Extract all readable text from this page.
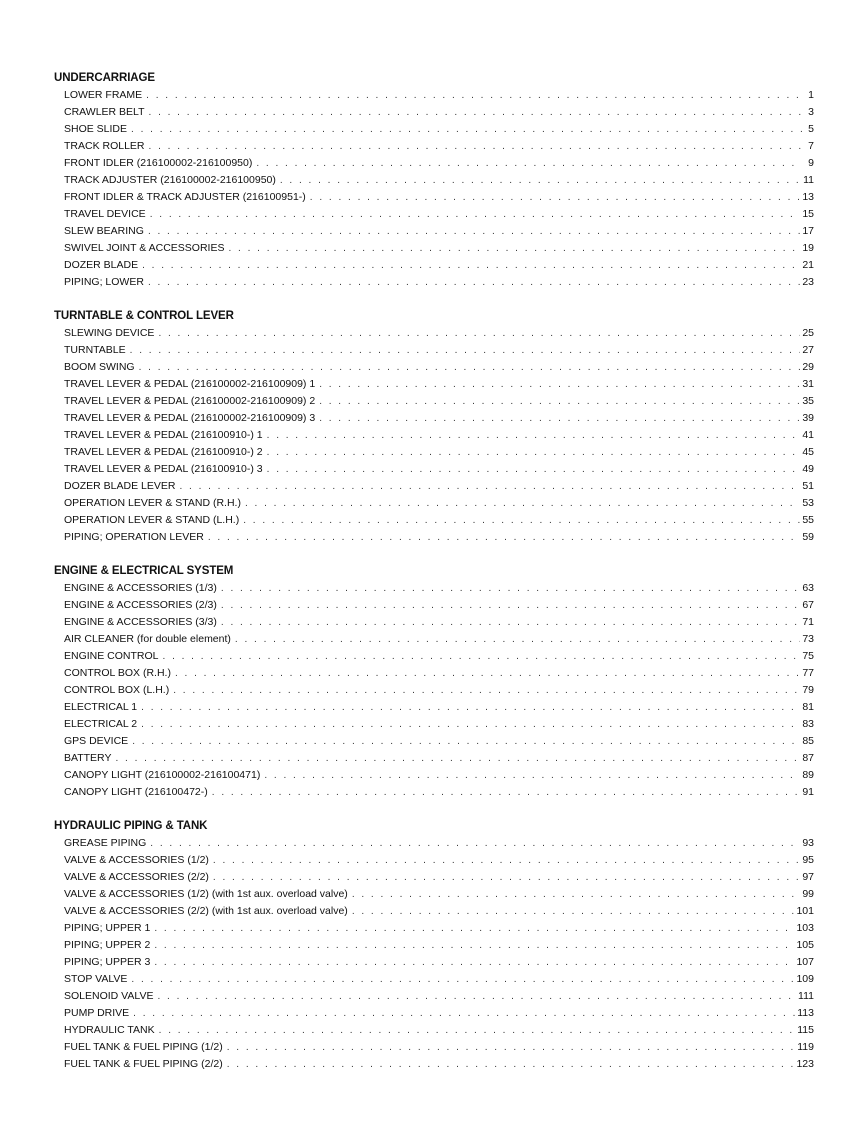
UNDERCARRIAGE
LOWER FRAME . . .	1
CRAWLER BELT . . .	3
SHOE SLIDE . . .	5
TRACK ROLLER . . .	7
FRONT IDLER (216100002-216100950) . . .	9
TRACK ADJUSTER (216100002-216100950) . . .	11
FRONT IDLER & TRACK ADJUSTER (216100951-) . . .	13
TRAVEL DEVICE . . .	15
SLEW BEARING . . .	17
SWIVEL JOINT & ACCESSORIES . . .	19
DOZER BLADE . . .	21
PIPING; LOWER . . .	23
TURNTABLE & CONTROL LEVER
SLEWING DEVICE . . .	25
TURNTABLE . . .	27
BOOM SWING . . .	29
TRAVEL LEVER & PEDAL (216100002-216100909) 1 . . .	31
TRAVEL LEVER & PEDAL (216100002-216100909) 2 . . .	35
TRAVEL LEVER & PEDAL (216100002-216100909) 3 . . .	39
TRAVEL LEVER & PEDAL (216100910-) 1 . . .	41
TRAVEL LEVER & PEDAL (216100910-) 2 . . .	45
TRAVEL LEVER & PEDAL (216100910-) 3 . . .	49
DOZER BLADE LEVER . . .	51
OPERATION LEVER & STAND (R.H.) . . .	53
OPERATION LEVER & STAND (L.H.) . . .	55
PIPING; OPERATION LEVER . . .	59
ENGINE & ELECTRICAL SYSTEM
ENGINE & ACCESSORIES (1/3) . . .	63
ENGINE & ACCESSORIES (2/3) . . .	67
ENGINE & ACCESSORIES (3/3) . . .	71
AIR CLEANER (for double element) . . .	73
ENGINE CONTROL . . .	75
CONTROL BOX (R.H.) . . .	77
CONTROL BOX (L.H.) . . .	79
ELECTRICAL 1 . . .	81
ELECTRICAL 2 . . .	83
GPS DEVICE . . .	85
BATTERY . . .	87
CANOPY LIGHT (216100002-216100471) . . .	89
CANOPY LIGHT (216100472-) . . .	91
HYDRAULIC PIPING & TANK
GREASE PIPING . . .	93
VALVE & ACCESSORIES (1/2) . . .	95
VALVE & ACCESSORIES (2/2) . . .	97
VALVE & ACCESSORIES (1/2) (with 1st aux. overload valve) . . .	99
VALVE & ACCESSORIES (2/2) (with 1st aux. overload valve) . . .	101
PIPING; UPPER 1 . . .	103
PIPING; UPPER 2 . . .	105
PIPING; UPPER 3 . . .	107
STOP VALVE . . .	109
SOLENOID VALVE . . .	111
PUMP DRIVE . . .	113
HYDRAULIC TANK . . .	115
FUEL TANK & FUEL PIPING (1/2) . . .	119
FUEL TANK & FUEL PIPING (2/2) . . .	123
